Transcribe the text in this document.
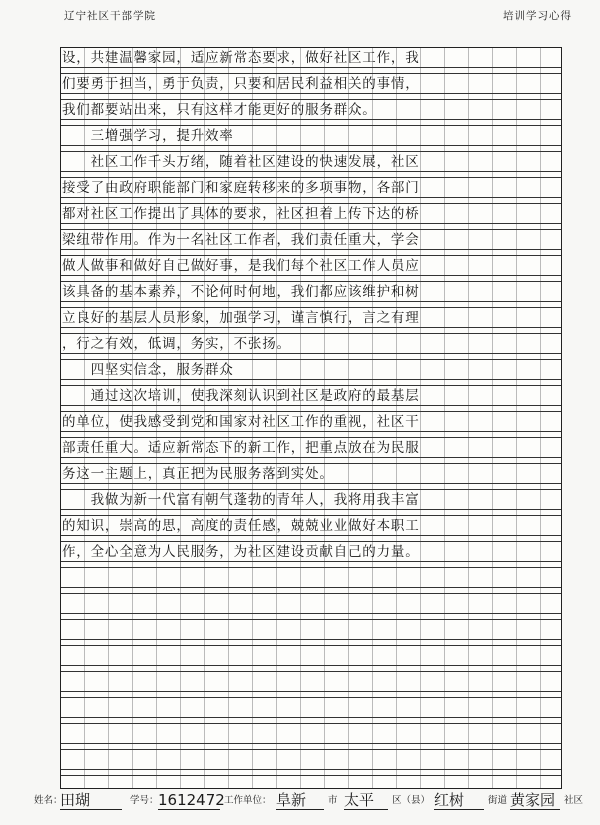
辽宁社区干部学院	培训学习心得
设，共建温馨家园，适应新常态要求，做好社区工作，我
们要勇于担当，勇于负责，只要和居民利益相关的事情，
我们都要站出来，只有这样才能更好的服务群众。
　　三增强学习，提升效率
　　社区工作千头万绪，随着社区建设的快速发展，社区
接受了由政府职能部门和家庭转移来的多项事物，各部门
都对社区工作提出了具体的要求，社区担着上传下达的桥
梁纽带作用。作为一名社区工作者，我们责任重大，学会
做人做事和做好自己做好事，是我们每个社区工作人员应
该具备的基本素养，不论何时何地，我们都应该维护和树
立良好的基层人员形象，加强学习，谨言慎行，言之有理
，行之有效，低调，务实，不张扬。
　　四坚实信念，服务群众
　　通过这次培训，使我深刻认识到社区是政府的最基层
的单位，使我感受到党和国家对社区工作的重视，社区干
部责任重大。适应新常态下的新工作，把重点放在为民服
务这一主题上，真正把为民服务落到实处。
　　我做为新一代富有朝气蓬勃的青年人，我将用我丰富
的知识，崇高的思，高度的责任感，兢兢业业做好本职工
作，全心全意为人民服务，为社区建设贡献自己的力量。
姓名：
田瑚	学号： 1612472 工作单位： 阜新	市 太平	区（县） 红树	街道 黄家园 社区
